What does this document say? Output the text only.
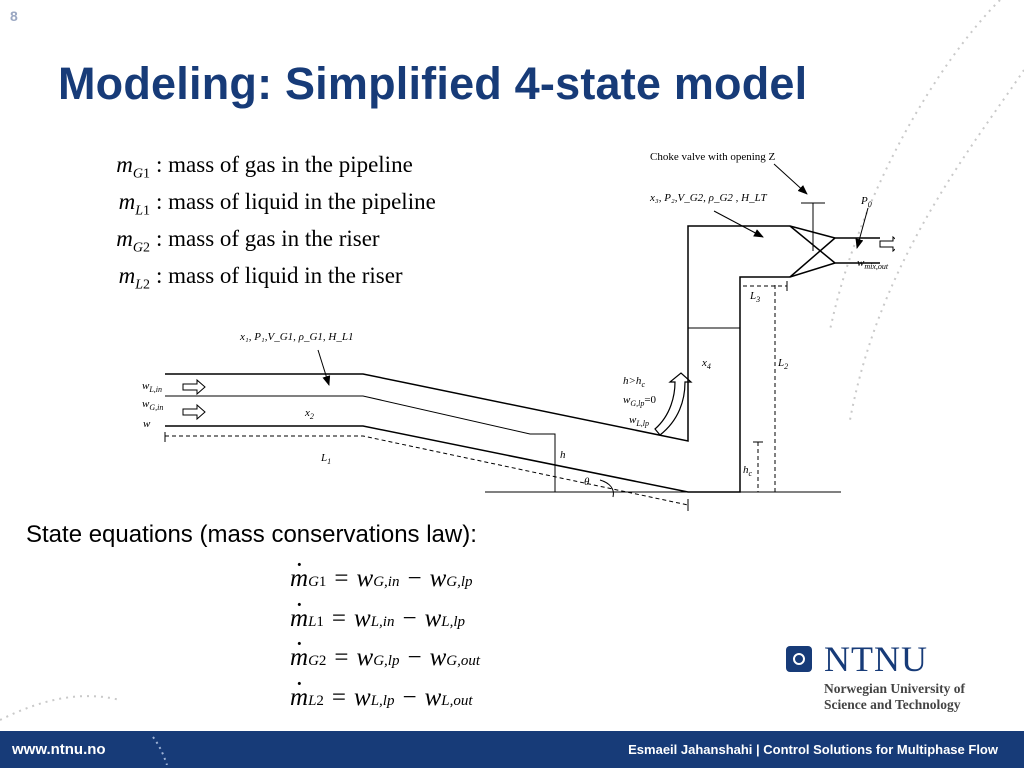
8
Modeling: Simplified 4-state model
$m_{G1}$ : mass of gas in the pipeline
$m_{L1}$ : mass of liquid in the pipeline
$m_{G2}$ : mass of gas in the riser
$m_{L2}$ : mass of liquid in the riser
Choke valve with opening Z
x₃, P₂,V_G2, ρ_G2 , H_LT
x₁, P₁,V_G1, ρ_G1, H_L1
$P_0$
$w_{mix,out}$
$L_3$
$L_2$
$x_4$
$x_2$
$L_1$
$h>h_c$
$w_{G,lp}=0$
$w_{L,lp}$
$w_{L,in}$
$w_{G,in}$
w
h
$h_c$
θ
State equations (mass conservations law):
· m G1 = w G,in − w G,lp
· m L1 = w L,in − w L,lp
· m G2 = w G,lp − w G,out
· m L2 = w L,lp − w L,out
NTNU
Norwegian University of
Science and Technology
www.ntnu.no	Esmaeil Jahanshahi | Control Solutions for Multiphase Flow
